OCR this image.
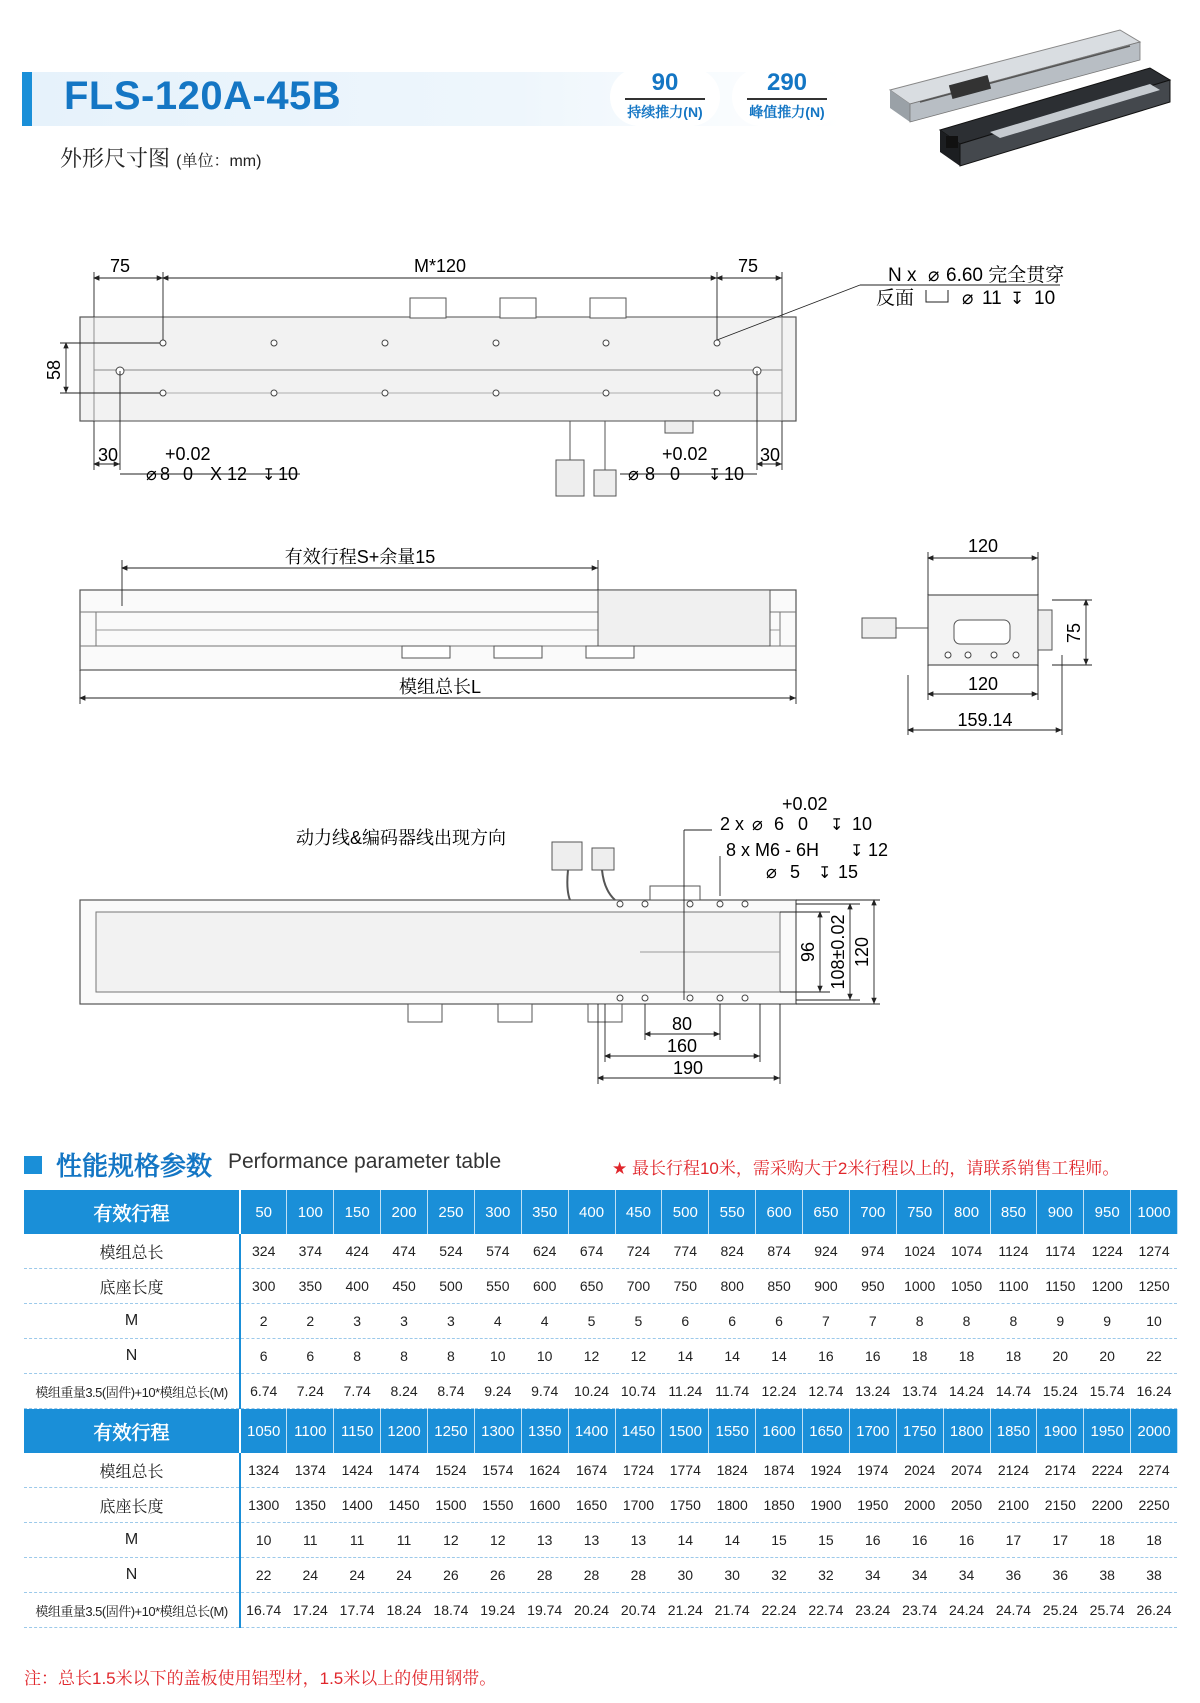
FLS-120A-45B	90
持续推力(N)
290
峰值推力(N)
外形尺寸图 (单位：mm)
75	M*120	75
58
30	30
+0.02
⌀ 8 0 X 12 ↧ 10
+0.02
⌀ 8 0 ↧ 10
N x ⌀ 6.60 完全贯穿
反面	⌀ 11 ↧ 10
有效行程S+余量15
模组总长L
120
75
120
159.14
动力线&编码器线出现方向
+0.02
2 x ⌀ 6 0 ↧ 10
8 x M6 - 6H ↧ 12
⌀ 5 ↧ 15
96 108±0.02 120
80
160
190
性能规格参数 Performance parameter table	★ 最长行程10米，需采购大于2米行程以上的，请联系销售工程师。
有效行程	50	100	150	200	250	300	350	400	450	500	550	600	650	700	750	800	850	900	950	1000
模组总长	324	374	424	474	524	574	624	674	724	774	824	874	924	974	1024	1074	1124	1174	1224	1274
底座长度	300	350	400	450	500	550	600	650	700	750	800	850	900	950	1000	1050	1100	1150	1200	1250
M	2	2	3	3	3	4	4	5	5	6	6	6	7	7	8	8	8	9	9	10
N	6	6	8	8	8	10	10	12	12	14	14	14	16	16	18	18	18	20	20	22
模组重量3.5(固件)+10*模组总长(M)	6.74	7.24	7.74	8.24	8.74	9.24	9.74	10.24	10.74	11.24	11.74	12.24	12.74	13.24	13.74	14.24	14.74	15.24	15.74	16.24
有效行程	1050	1100	1150	1200	1250	1300	1350	1400	1450	1500	1550	1600	1650	1700	1750	1800	1850	1900	1950	2000
模组总长	1324	1374	1424	1474	1524	1574	1624	1674	1724	1774	1824	1874	1924	1974	2024	2074	2124	2174	2224	2274
底座长度	1300	1350	1400	1450	1500	1550	1600	1650	1700	1750	1800	1850	1900	1950	2000	2050	2100	2150	2200	2250
M	10	11	11	11	12	12	13	13	13	14	14	15	15	16	16	16	17	17	18	18
N	22	24	24	24	26	26	28	28	28	30	30	32	32	34	34	34	36	36	38	38
模组重量3.5(固件)+10*模组总长(M)	16.74	17.24	17.74	18.24	18.74	19.24	19.74	20.24	20.74	21.24	21.74	22.24	22.74	23.24	23.74	24.24	24.74	25.24	25.74	26.24
注：总长1.5米以下的盖板使用铝型材，1.5米以上的使用钢带。
